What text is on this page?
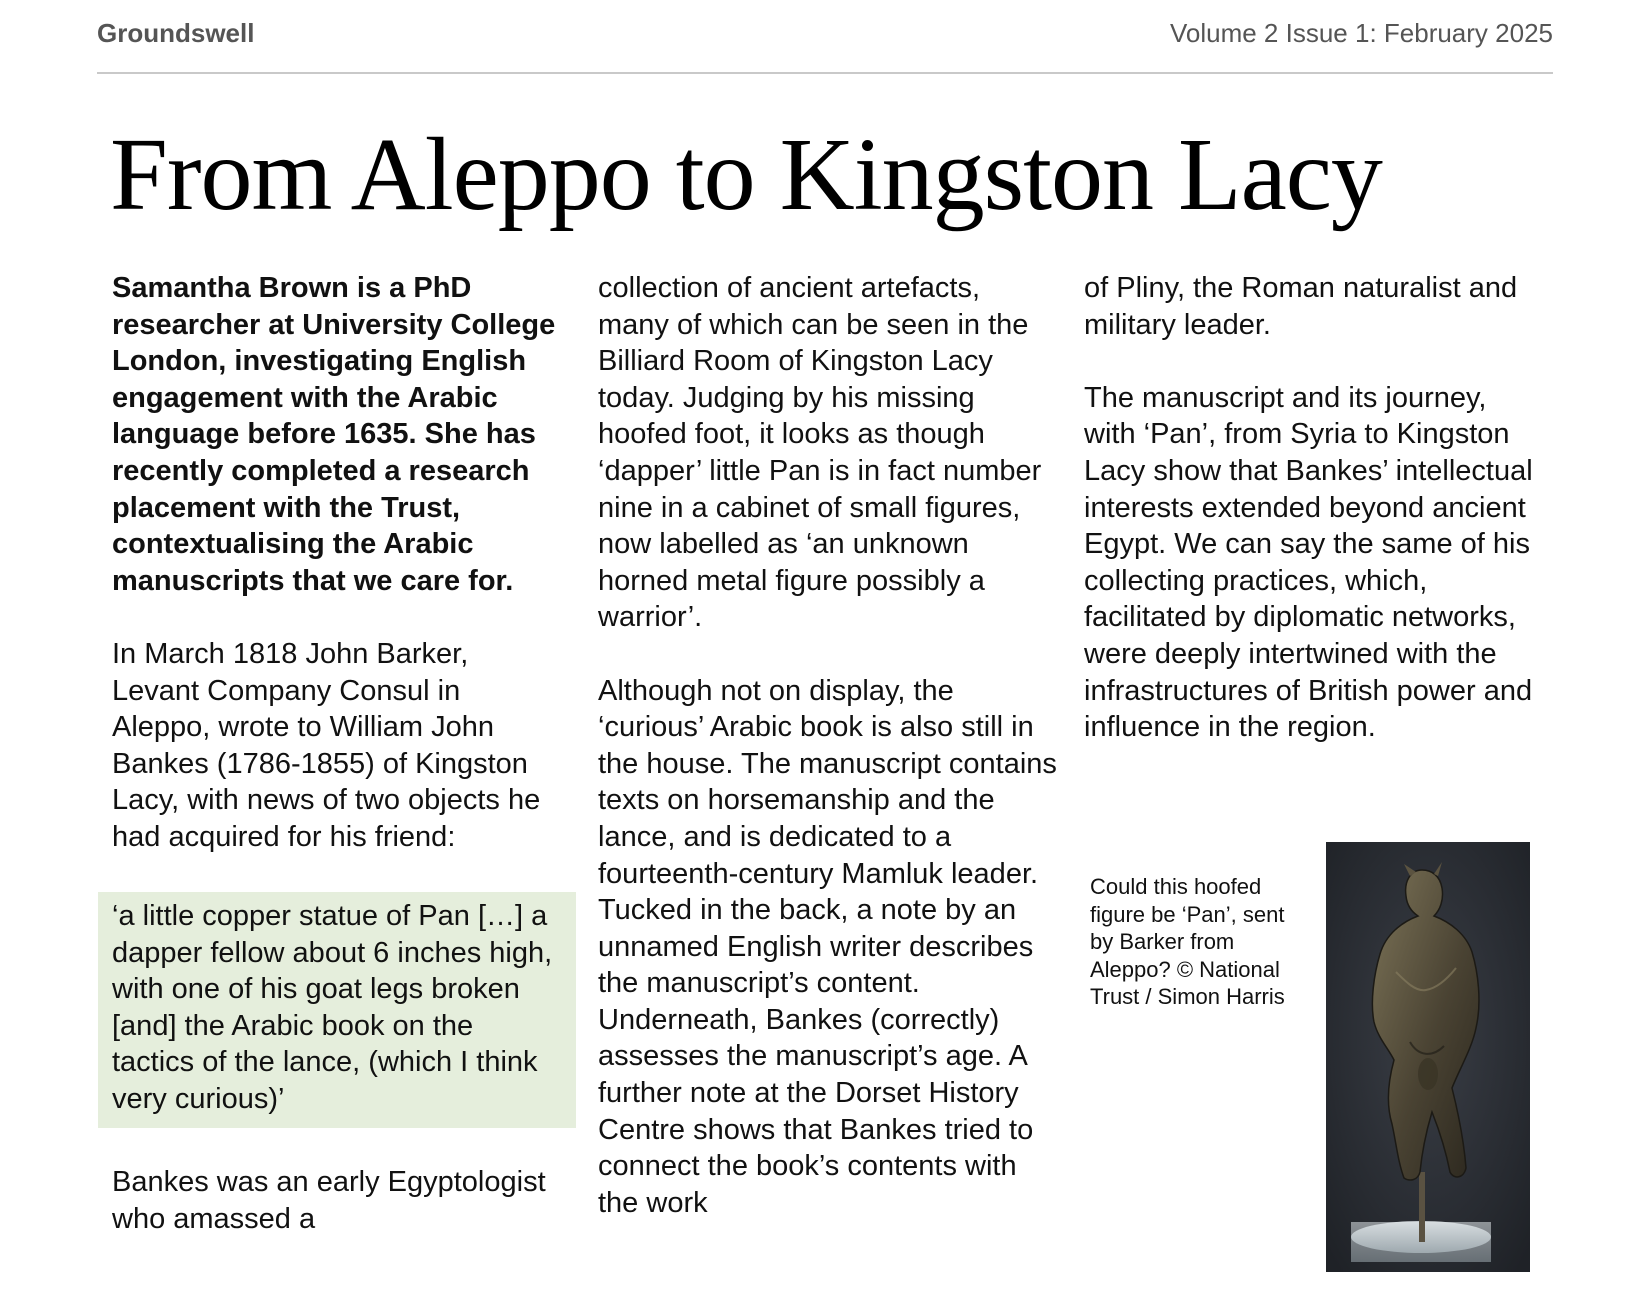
Groundswell	Volume 2 Issue 1: February 2025
From Aleppo to Kingston Lacy

Samantha Brown is a PhD researcher at University College London, investigating English engagement with the Arabic language before 1635. She has recently completed a research placement with the Trust, contextualising the Arabic manuscripts that we care for.

In March 1818 John Barker, Levant Company Consul in Aleppo, wrote to William John Bankes (1786-1855) of Kingston Lacy, with news of two objects he had acquired for his friend:

‘a little copper statue of Pan […] a dapper fellow about 6 inches high, with one of his goat legs broken [and] the Arabic book on the tactics of the lance, (which I think very curious)’

Bankes was an early Egyptologist who amassed a

collection of ancient artefacts, many of which can be seen in the Billiard Room of Kingston Lacy today. Judging by his missing hoofed foot, it looks as though ‘dapper’ little Pan is in fact number nine in a cabinet of small figures, now labelled as ‘an unknown horned metal figure possibly a warrior’.

Although not on display, the ‘curious’ Arabic book is also still in the house. The manuscript contains texts on horsemanship and the lance, and is dedicated to a fourteenth-century Mamluk leader. Tucked in the back, a note by an unnamed English writer describes the manuscript’s content. Underneath, Bankes (correctly) assesses the manuscript’s age. A further note at the Dorset History Centre shows that Bankes tried to connect the book’s contents with the work

of Pliny, the Roman naturalist and military leader.

The manuscript and its journey, with ‘Pan’, from Syria to Kingston Lacy show that Bankes’ intellectual interests extended beyond ancient Egypt. We can say the same of his collecting practices, which, facilitated by diplomatic networks, were deeply intertwined with the infrastructures of British power and influence in the region.

Could this hoofed figure be ‘Pan’, sent by Barker from Aleppo? © National Trust / Simon Harris
